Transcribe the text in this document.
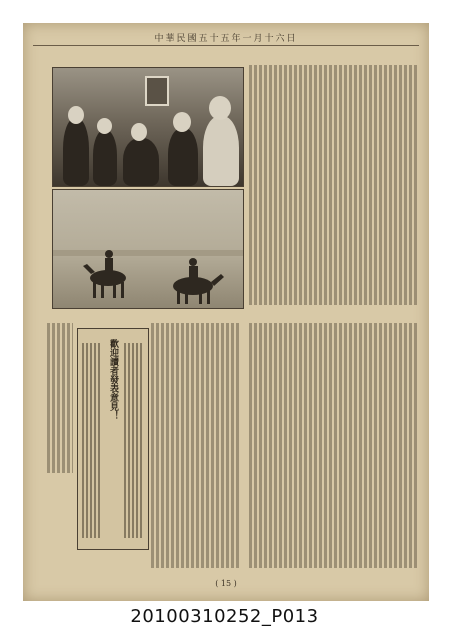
中華民國五十五年一月十六日
歡迎讀者發表意見！
( 15 )
20100310252_P013
